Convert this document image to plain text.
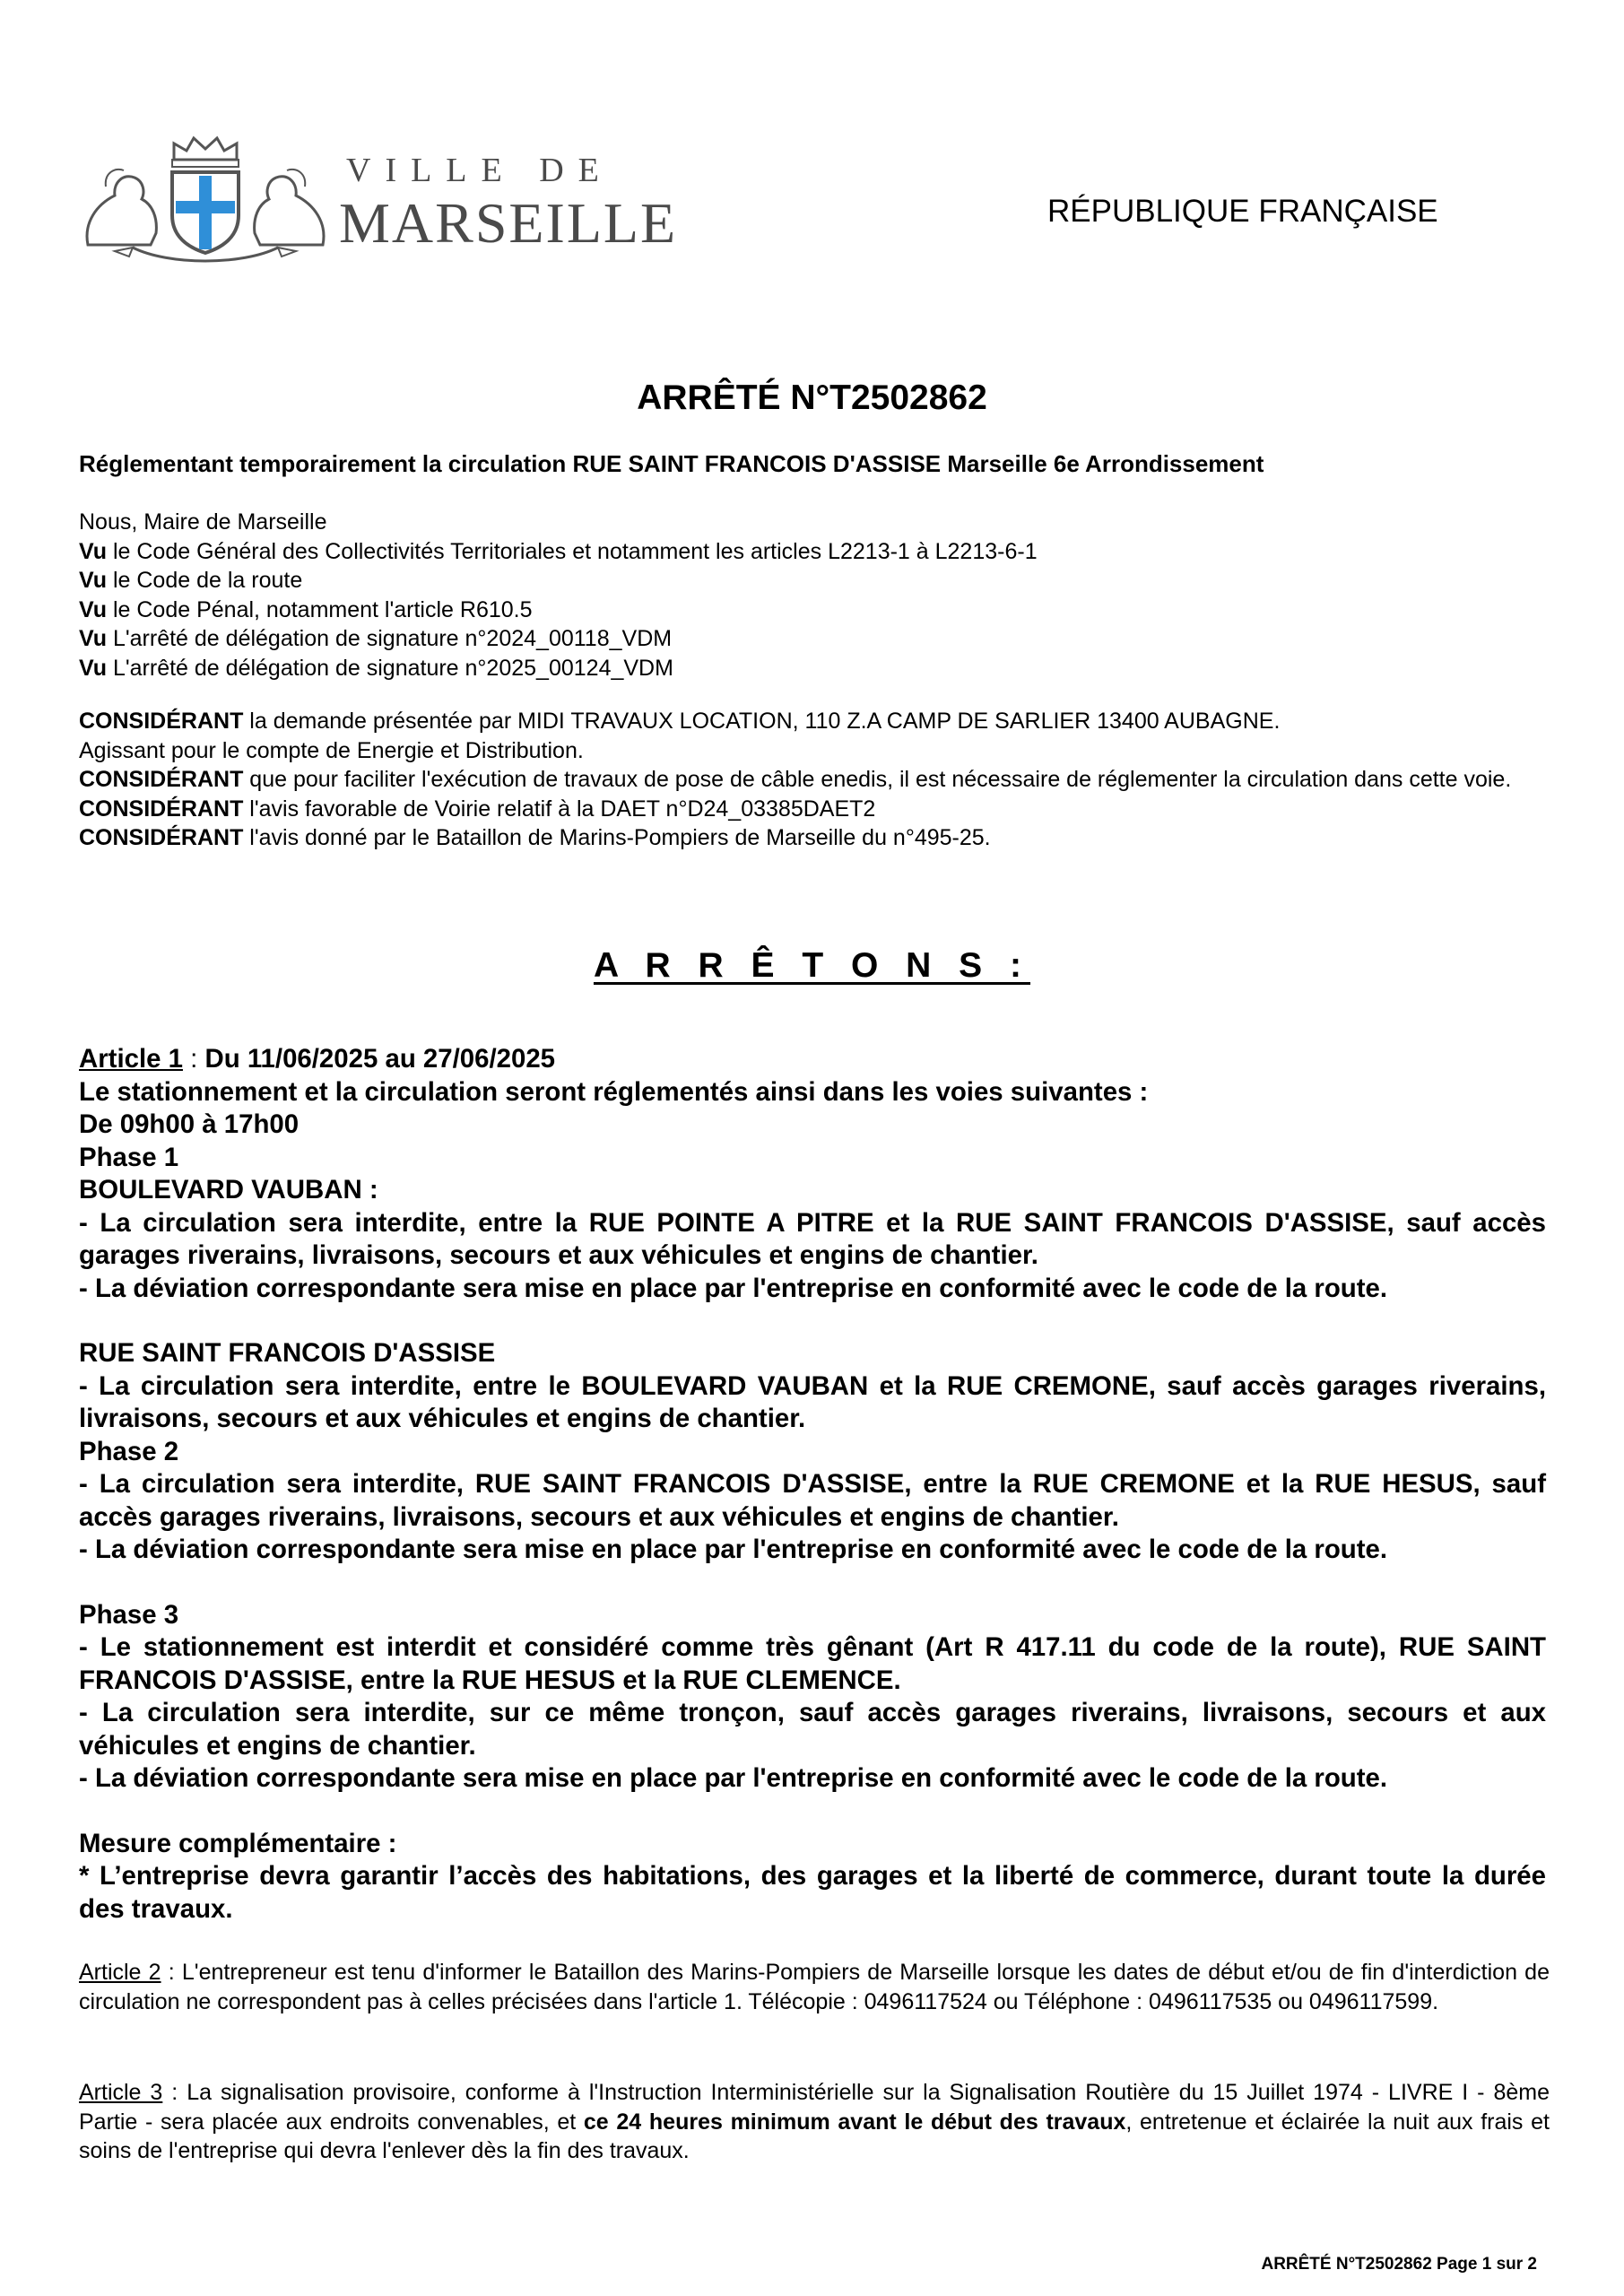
VILLE DE
MARSEILLE	RÉPUBLIQUE FRANÇAISE
ARRÊTÉ N°T2502862
Réglementant temporairement la circulation RUE SAINT FRANCOIS D'ASSISE Marseille 6e Arrondissement
Nous, Maire de Marseille
Vu le Code Général des Collectivités Territoriales et notamment les articles L2213-1 à L2213-6-1
Vu le Code de la route
Vu le Code Pénal, notamment l'article R610.5
Vu L'arrêté de délégation de signature n°2024_00118_VDM
Vu L'arrêté de délégation de signature n°2025_00124_VDM
CONSIDÉRANT la demande présentée par MIDI TRAVAUX LOCATION, 110 Z.A CAMP DE SARLIER 13400 AUBAGNE.
Agissant pour le compte de Energie et Distribution.
CONSIDÉRANT que pour faciliter l'exécution de travaux de pose de câble enedis, il est nécessaire de réglementer la circulation dans cette voie.
CONSIDÉRANT l'avis favorable de Voirie relatif à la DAET n°D24_03385DAET2
CONSIDÉRANT l'avis donné par le Bataillon de Marins-Pompiers de Marseille du n°495-25.
A R R Ê T O N S :

Article 1 : Du 11/06/2025 au 27/06/2025

Le stationnement et la circulation seront réglementés ainsi dans les voies suivantes :

De 09h00 à 17h00

Phase 1

BOULEVARD VAUBAN :

- La circulation sera interdite, entre la RUE POINTE A PITRE et la RUE SAINT FRANCOIS D'ASSISE, sauf accès garages riverains, livraisons, secours et aux véhicules et engins de chantier.

- La déviation correspondante sera mise en place par l'entreprise en conformité avec le code de la route.

RUE SAINT FRANCOIS D'ASSISE

- La circulation sera interdite, entre le BOULEVARD VAUBAN et la RUE CREMONE, sauf accès garages riverains, livraisons, secours et aux véhicules et engins de chantier.

Phase 2

- La circulation sera interdite, RUE SAINT FRANCOIS D'ASSISE, entre la RUE CREMONE et la RUE HESUS, sauf accès garages riverains, livraisons, secours et aux véhicules et engins de chantier.

- La déviation correspondante sera mise en place par l'entreprise en conformité avec le code de la route.

Phase 3

- Le stationnement est interdit et considéré comme très gênant (Art R 417.11 du code de la route), RUE SAINT FRANCOIS D'ASSISE, entre la RUE HESUS et la RUE CLEMENCE.

- La circulation sera interdite, sur ce même tronçon, sauf accès garages riverains, livraisons, secours et aux véhicules et engins de chantier.

- La déviation correspondante sera mise en place par l'entreprise en conformité avec le code de la route.

Mesure complémentaire :

* L’entreprise devra garantir l’accès des habitations, des garages et la liberté de commerce, durant toute la durée des travaux.

Article 2 : L'entrepreneur est tenu d'informer le Bataillon des Marins-Pompiers de Marseille lorsque les dates de début et/ou de fin d'interdiction de circulation ne correspondent pas à celles précisées dans l'article 1. Télécopie : 0496117524 ou Téléphone : 0496117535 ou 0496117599.
Article 3 : La signalisation provisoire, conforme à l'Instruction Interministérielle sur la Signalisation Routière du 15 Juillet 1974 - LIVRE I - 8ème Partie - sera placée aux endroits convenables, et ce 24 heures minimum avant le début des travaux, entretenue et éclairée la nuit aux frais et soins de l'entreprise qui devra l'enlever dès la fin des travaux.
ARRÊTÉ N°T2502862 Page 1 sur 2
